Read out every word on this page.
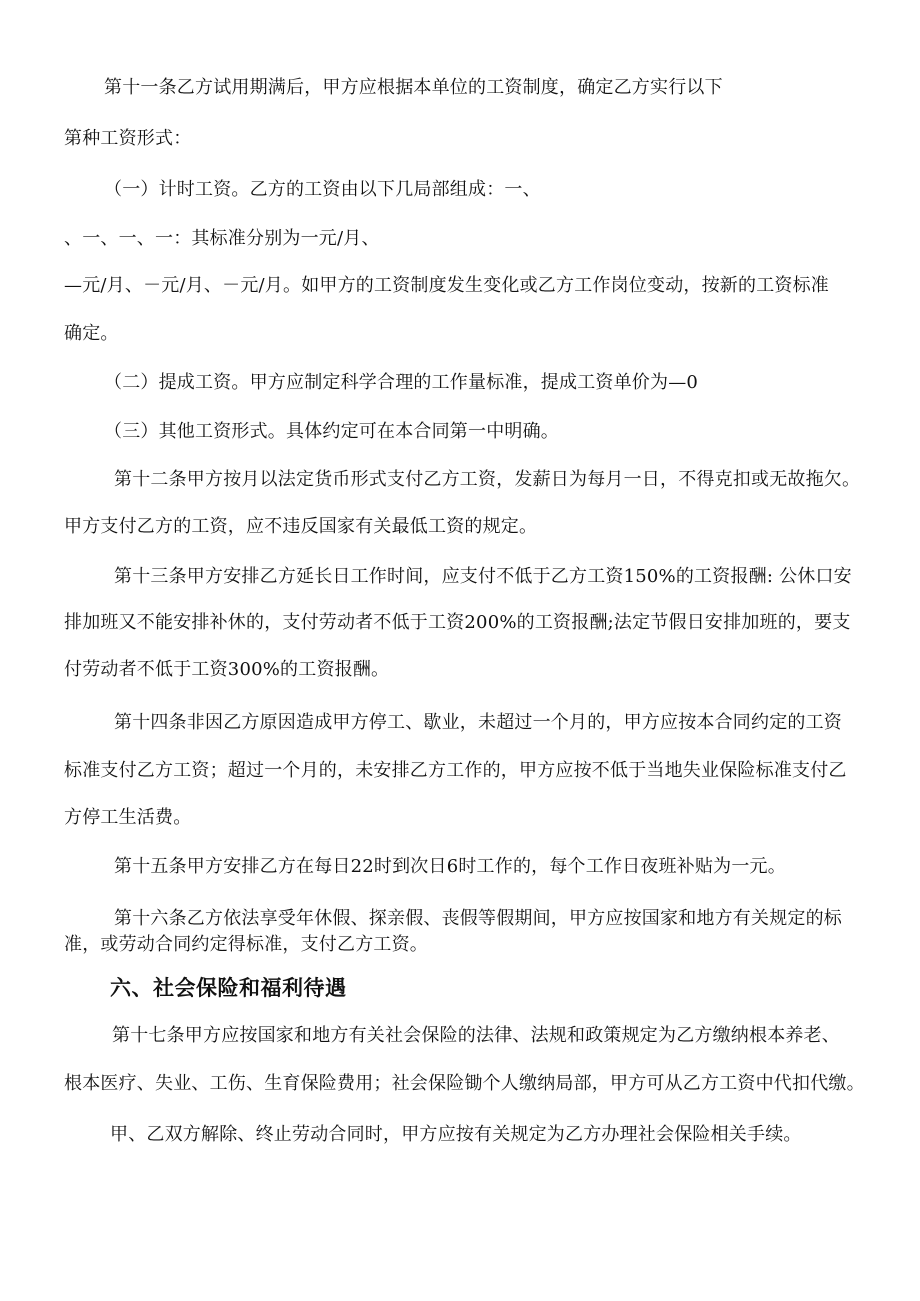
第十一条乙方试用期满后，甲方应根据本单位的工资制度，确定乙方实行以下

第种工资形式：

（一）计时工资。乙方的工资由以下几局部组成：一、

、一、一、一：其标准分别为一元/月、

—元/月、－元/月、－元/月。如甲方的工资制度发生变化或乙方工作岗位变动，按新的工资标准

确定。

（二）提成工资。甲方应制定科学合理的工作量标准，提成工资单价为—0

（三）其他工资形式。具体约定可在本合同第一中明确。

第十二条甲方按月以法定货币形式支付乙方工资，发薪日为每月一日，不得克扣或无故拖欠。

甲方支付乙方的工资，应不违反国家有关最低工资的规定。

第十三条甲方安排乙方延长日工作时间，应支付不低于乙方工资150%的工资报酬: 公休口安

排加班又不能安排补休的，支付劳动者不低于工资200%的工资报酬;法定节假日安排加班的，要支

付劳动者不低于工资300%的工资报酬。

第十四条非因乙方原因造成甲方停工、歇业，未超过一个月的，甲方应按本合同约定的工资

标准支付乙方工资；超过一个月的，未安排乙方工作的，甲方应按不低于当地失业保险标准支付乙

方停工生活费。

第十五条甲方安排乙方在每日22时到次日6时工作的，每个工作日夜班补贴为一元。

第十六条乙方依法享受年休假、探亲假、丧假等假期间，甲方应按国家和地方有关规定的标

准，或劳动合同约定得标准，支付乙方工资。

六、社会保险和福利待遇

第十七条甲方应按国家和地方有关社会保险的法律、法规和政策规定为乙方缴纳根本养老、

根本医疗、失业、工伤、生育保险费用；社会保险锄个人缴纳局部，甲方可从乙方工资中代扣代缴。

甲、乙双方解除、终止劳动合同时，甲方应按有关规定为乙方办理社会保险相关手续。
